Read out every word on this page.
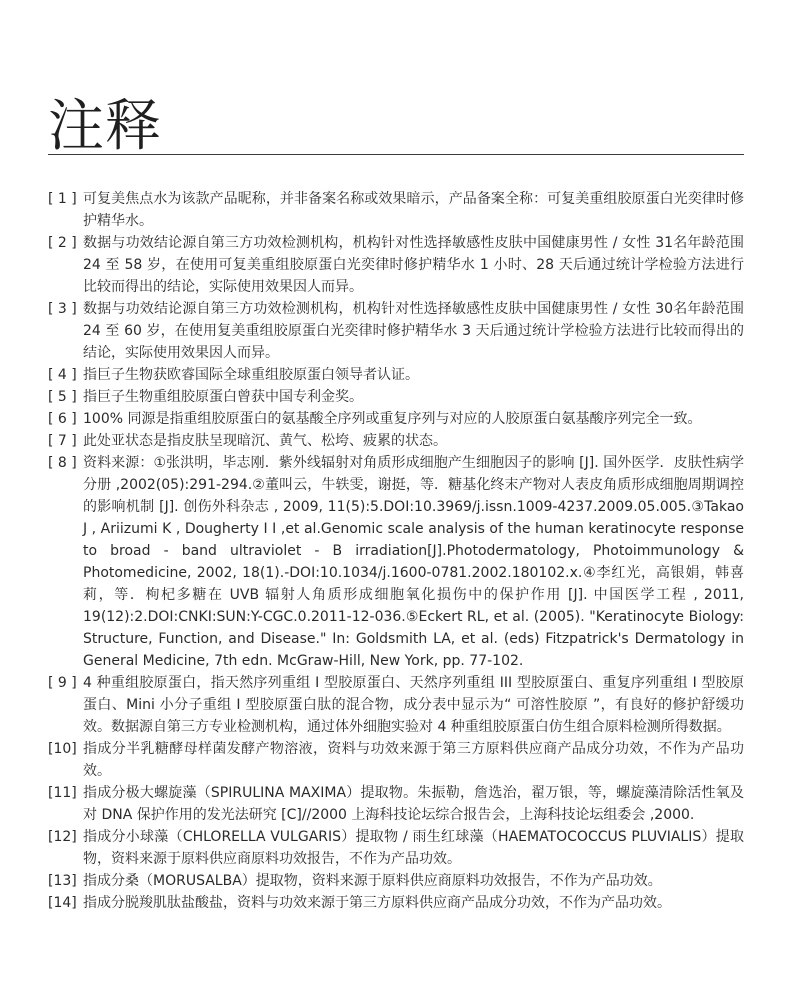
注释
[ 1 ] 可复美焦点水为该款产品昵称，并非备案名称或效果暗示，产品备案全称：可复美重组胶原蛋白光奕律时修护精华水。
[ 2 ] 数据与功效结论源自第三方功效检测机构，机构针对性选择敏感性皮肤中国健康男性 / 女性 31名年龄范围 24 至 58 岁，在使用可复美重组胶原蛋白光奕律时修护精华水 1 小时、28 天后通过统计学检验方法进行比较而得出的结论，实际使用效果因人而异。
[ 3 ] 数据与功效结论源自第三方功效检测机构，机构针对性选择敏感性皮肤中国健康男性 / 女性 30名年龄范围 24 至 60 岁，在使用复美重组胶原蛋白光奕律时修护精华水 3 天后通过统计学检验方法进行比较而得出的结论，实际使用效果因人而异。
[ 4 ] 指巨子生物获欧睿国际全球重组胶原蛋白领导者认证。
[ 5 ] 指巨子生物重组胶原蛋白曾获中国专利金奖。
[ 6 ] 100% 同源是指重组胶原蛋白的氨基酸全序列或重复序列与对应的人胶原蛋白氨基酸序列完全一致。
[ 7 ] 此处亚状态是指皮肤呈现暗沉、黄气、松垮、疲累的状态。
[ 8 ] 资料来源：①张洪明，毕志刚．紫外线辐射对角质形成细胞产生细胞因子的影响 [J]. 国外医学．皮肤性病学分册 ,2002(05):291-294.②董叫云，牛轶雯，谢挺，等．糖基化终末产物对人表皮角质形成细胞周期调控的影响机制 [J]. 创伤外科杂志 , 2009, 11(5):5.DOI:10.3969/j.issn.1009-4237.2009.05.005.③Takao J , Ariizumi K , Dougherty I I ,et al.Genomic scale analysis of the human keratinocyte response to broad - band ultraviolet - B irradiation[J].Photodermatology, Photoimmunology & Photomedicine, 2002, 18(1).-DOI:10.1034/j.1600-0781.2002.180102.x.④李红光，高银娟，韩喜莉，等．枸杞多糖在 UVB 辐射人角质形成细胞氧化损伤中的保护作用 [J]. 中国医学工程 , 2011, 19(12):2.DOI:CNKI:SUN:Y-CGC.0.2011-12-036.⑤Eckert RL, et al. (2005). "Keratinocyte Biology: Structure, Function, and Disease." In: Goldsmith LA, et al. (eds) Fitzpatrick's Dermatology in General Medicine, 7th edn. McGraw-Hill, New York, pp. 77-102.
[ 9 ] 4 种重组胶原蛋白，指天然序列重组 I 型胶原蛋白、天然序列重组 III 型胶原蛋白、重复序列重组 I 型胶原蛋白、Mini 小分子重组 I 型胶原蛋白肽的混合物，成分表中显示为“ 可溶性胶原 ”，有良好的修护舒缓功效。数据源自第三方专业检测机构，通过体外细胞实验对 4 种重组胶原蛋白仿生组合原料检测所得数据。
[10] 指成分半乳糖酵母样菌发酵产物溶液，资料与功效来源于第三方原料供应商产品成分功效，不作为产品功效。
[11] 指成分极大螺旋藻（SPIRULINA MAXIMA）提取物。朱振勒，詹选治，翟万银，等，螺旋藻清除活性氧及对 DNA 保护作用的发光法研究 [C]//2000 上海科技论坛综合报告会，上海科技论坛组委会 ,2000.
[12] 指成分小球藻（CHLORELLA VULGARIS）提取物 / 雨生红球藻（HAEMATOCOCCUS PLUVIALIS）提取物，资料来源于原料供应商原料功效报告，不作为产品功效。
[13] 指成分桑（MORUSALBA）提取物，资料来源于原料供应商原料功效报告，不作为产品功效。
[14] 指成分脱羧肌肽盐酸盐，资料与功效来源于第三方原料供应商产品成分功效，不作为产品功效。
